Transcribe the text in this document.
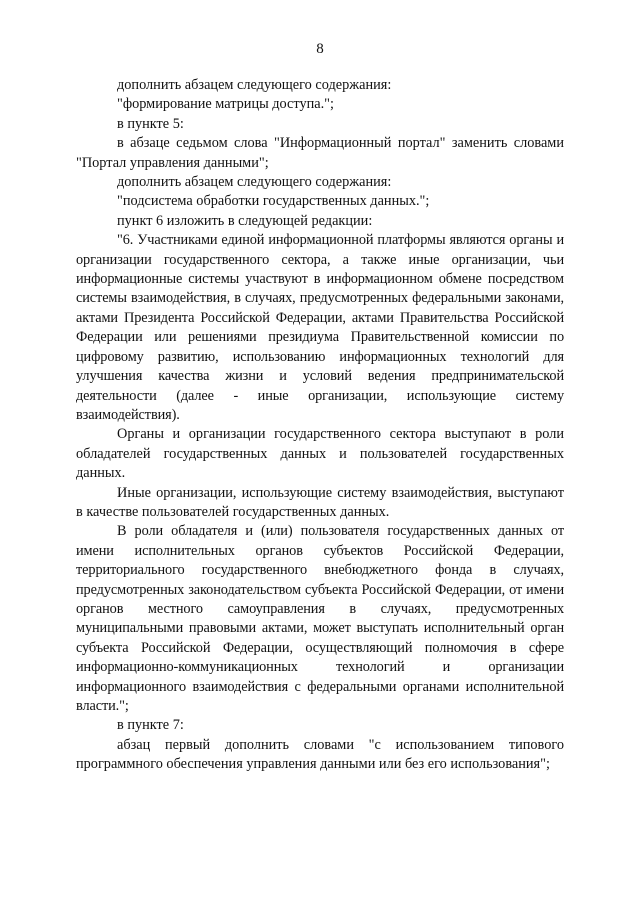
8

дополнить абзацем следующего содержания:

"формирование матрицы доступа.";

в пункте 5:

в абзаце седьмом слова "Информационный портал" заменить словами "Портал управления данными";

дополнить абзацем следующего содержания:

"подсистема обработки государственных данных.";

пункт 6 изложить в следующей редакции:

"6. Участниками единой информационной платформы являются органы и организации государственного сектора, а также иные организации, чьи информационные системы участвуют в информационном обмене посредством системы взаимодействия, в случаях, предусмотренных федеральными законами, актами Президента Российской Федерации, актами Правительства Российской Федерации или решениями президиума Правительственной комиссии по цифровому развитию, использованию информационных технологий для улучшения качества жизни и условий ведения предпринимательской деятельности (далее - иные организации, использующие систему взаимодействия).

Органы и организации государственного сектора выступают в роли обладателей государственных данных и пользователей государственных данных.

Иные организации, использующие систему взаимодействия, выступают в качестве пользователей государственных данных.

В роли обладателя и (или) пользователя государственных данных от имени исполнительных органов субъектов Российской Федерации, территориального государственного внебюджетного фонда в случаях, предусмотренных законодательством субъекта Российской Федерации, от имени органов местного самоуправления в случаях, предусмотренных муниципальными правовыми актами, может выступать исполнительный орган субъекта Российской Федерации, осуществляющий полномочия в сфере информационно-коммуникационных технологий и организации информационного взаимодействия с федеральными органами исполнительной власти.";

в пункте 7:

абзац первый дополнить словами "с использованием типового программного обеспечения управления данными или без его использования";
